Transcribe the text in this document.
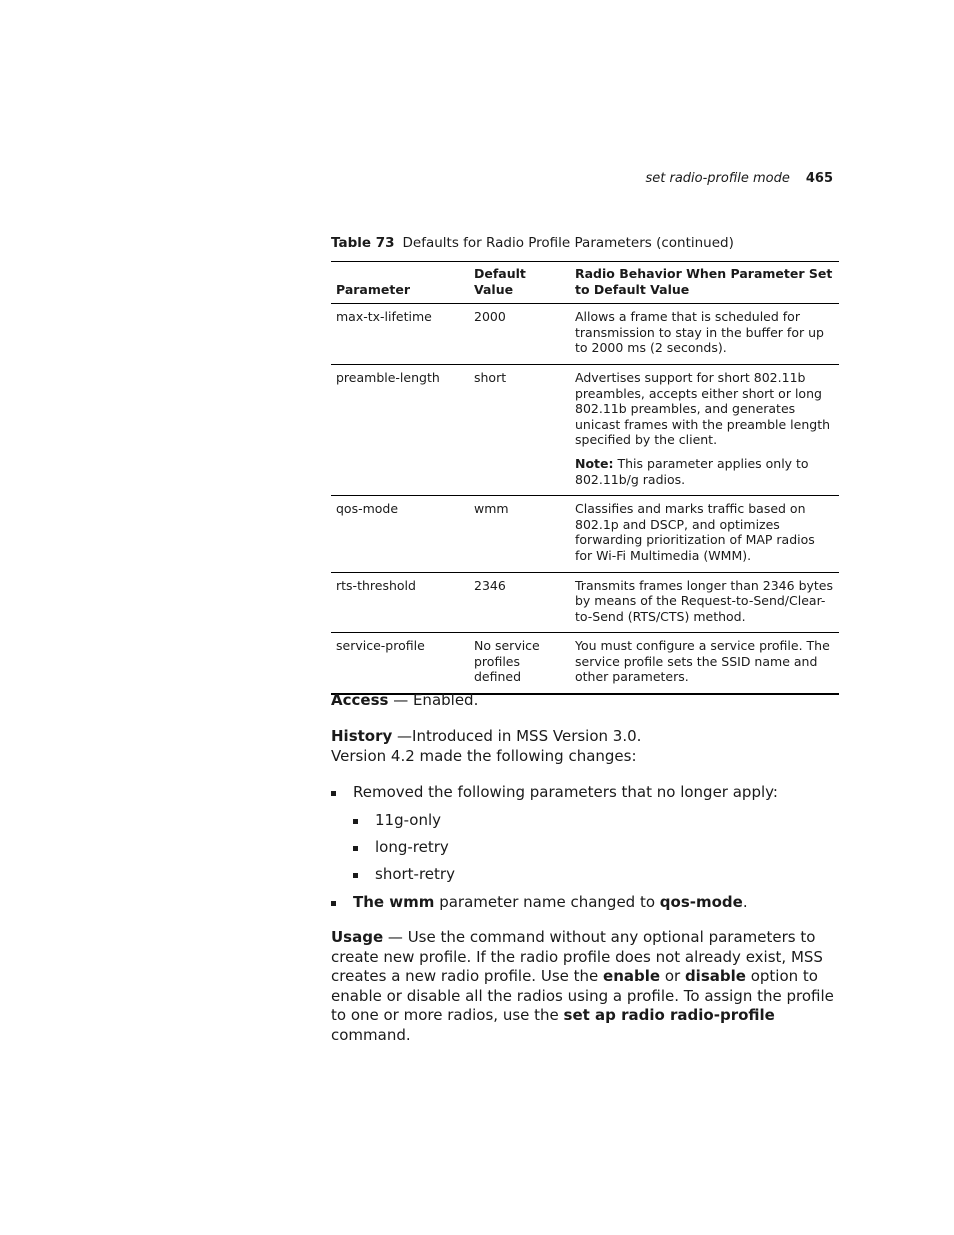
set radio-profile mode 465
Table 73 Defaults for Radio Profile Parameters (continued)
Parameter	Default Value	Radio Behavior When Parameter Set to Default Value
max-tx-lifetime	2000	Allows a frame that is scheduled for transmission to stay in the buffer for up to 2000 ms (2 seconds).
preamble-length	short	Advertises support for short 802.11b preambles, accepts either short or long 802.11b preambles, and generates unicast frames with the preamble length specified by the client.
Note: This parameter applies only to 802.11b/g radios.

qos-mode	wmm	Classifies and marks traffic based on 802.1p and DSCP, and optimizes forwarding prioritization of MAP radios for Wi-Fi Multimedia (WMM).
rts-threshold	2346	Transmits frames longer than 2346 bytes by means of the Request-to-Send/Clear-to-Send (RTS/CTS) method.
service-profile	No service profiles defined	You must configure a service profile. The service profile sets the SSID name and other parameters.
Access — Enabled.
History —Introduced in MSS Version 3.0.
Version 4.2 made the following changes:
Removed the following parameters that no longer apply:
11g-only
long-retry
short-retry
The wmm parameter name changed to qos-mode.
Usage — Use the command without any optional parameters to create new profile. If the radio profile does not already exist, MSS creates a new radio profile. Use the enable or disable option to enable or disable all the radios using a profile. To assign the profile to one or more radios, use the set ap radio radio-profile command.
